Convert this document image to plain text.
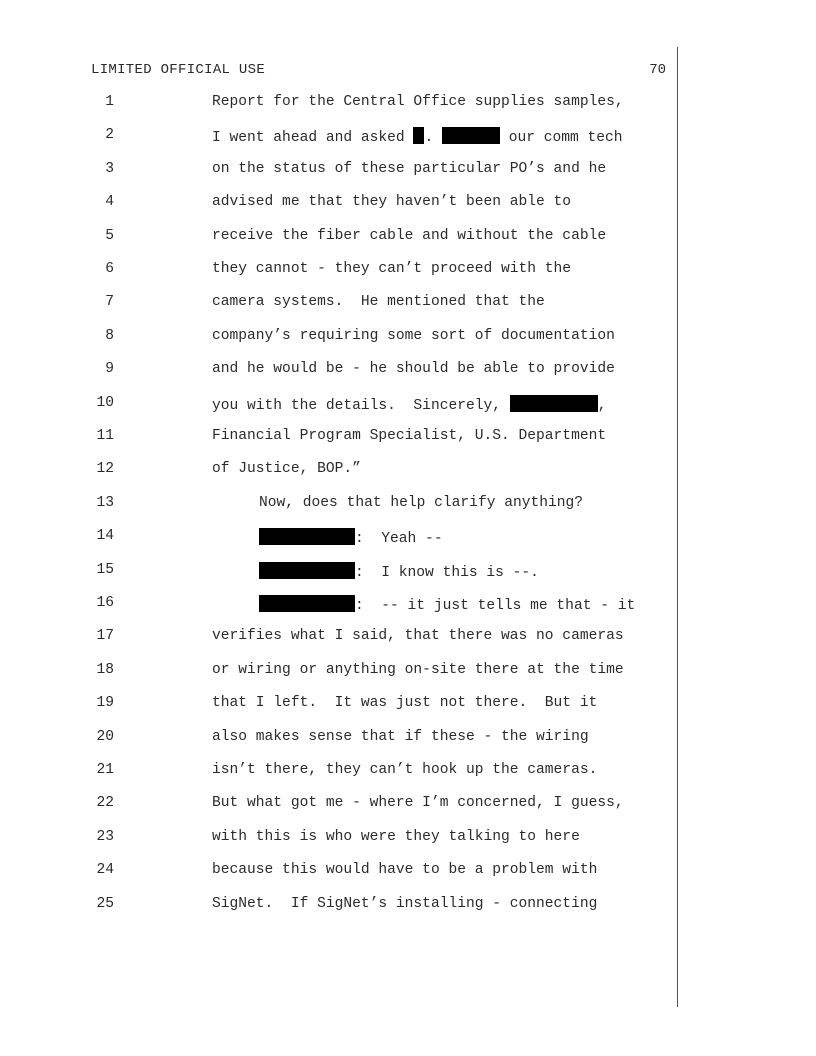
LIMITED OFFICIAL USE	70
1	Report for the Central Office supplies samples,
2	I went ahead and asked .	our comm tech
3	on the status of these particular PO’s and he
4	advised me that they haven’t been able to
5	receive the fiber cable and without the cable
6	they cannot - they can’t proceed with the
7	camera systems.  He mentioned that the
8	company’s requiring some sort of documentation
9	and he would be - he should be able to provide
10	you with the details.  Sincerely,	,
11	Financial Program Specialist, U.S. Department
12	of Justice, BOP.”
13	Now, does that help clarify anything?
14	:  Yeah --
15	:  I know this is --.
16	:  -- it just tells me that - it
17	verifies what I said, that there was no cameras
18	or wiring or anything on-site there at the time
19	that I left.  It was just not there.  But it
20	also makes sense that if these - the wiring
21	isn’t there, they can’t hook up the cameras.
22	But what got me - where I’m concerned, I guess,
23	with this is who were they talking to here
24	because this would have to be a problem with
25	SigNet.  If SigNet’s installing - connecting
